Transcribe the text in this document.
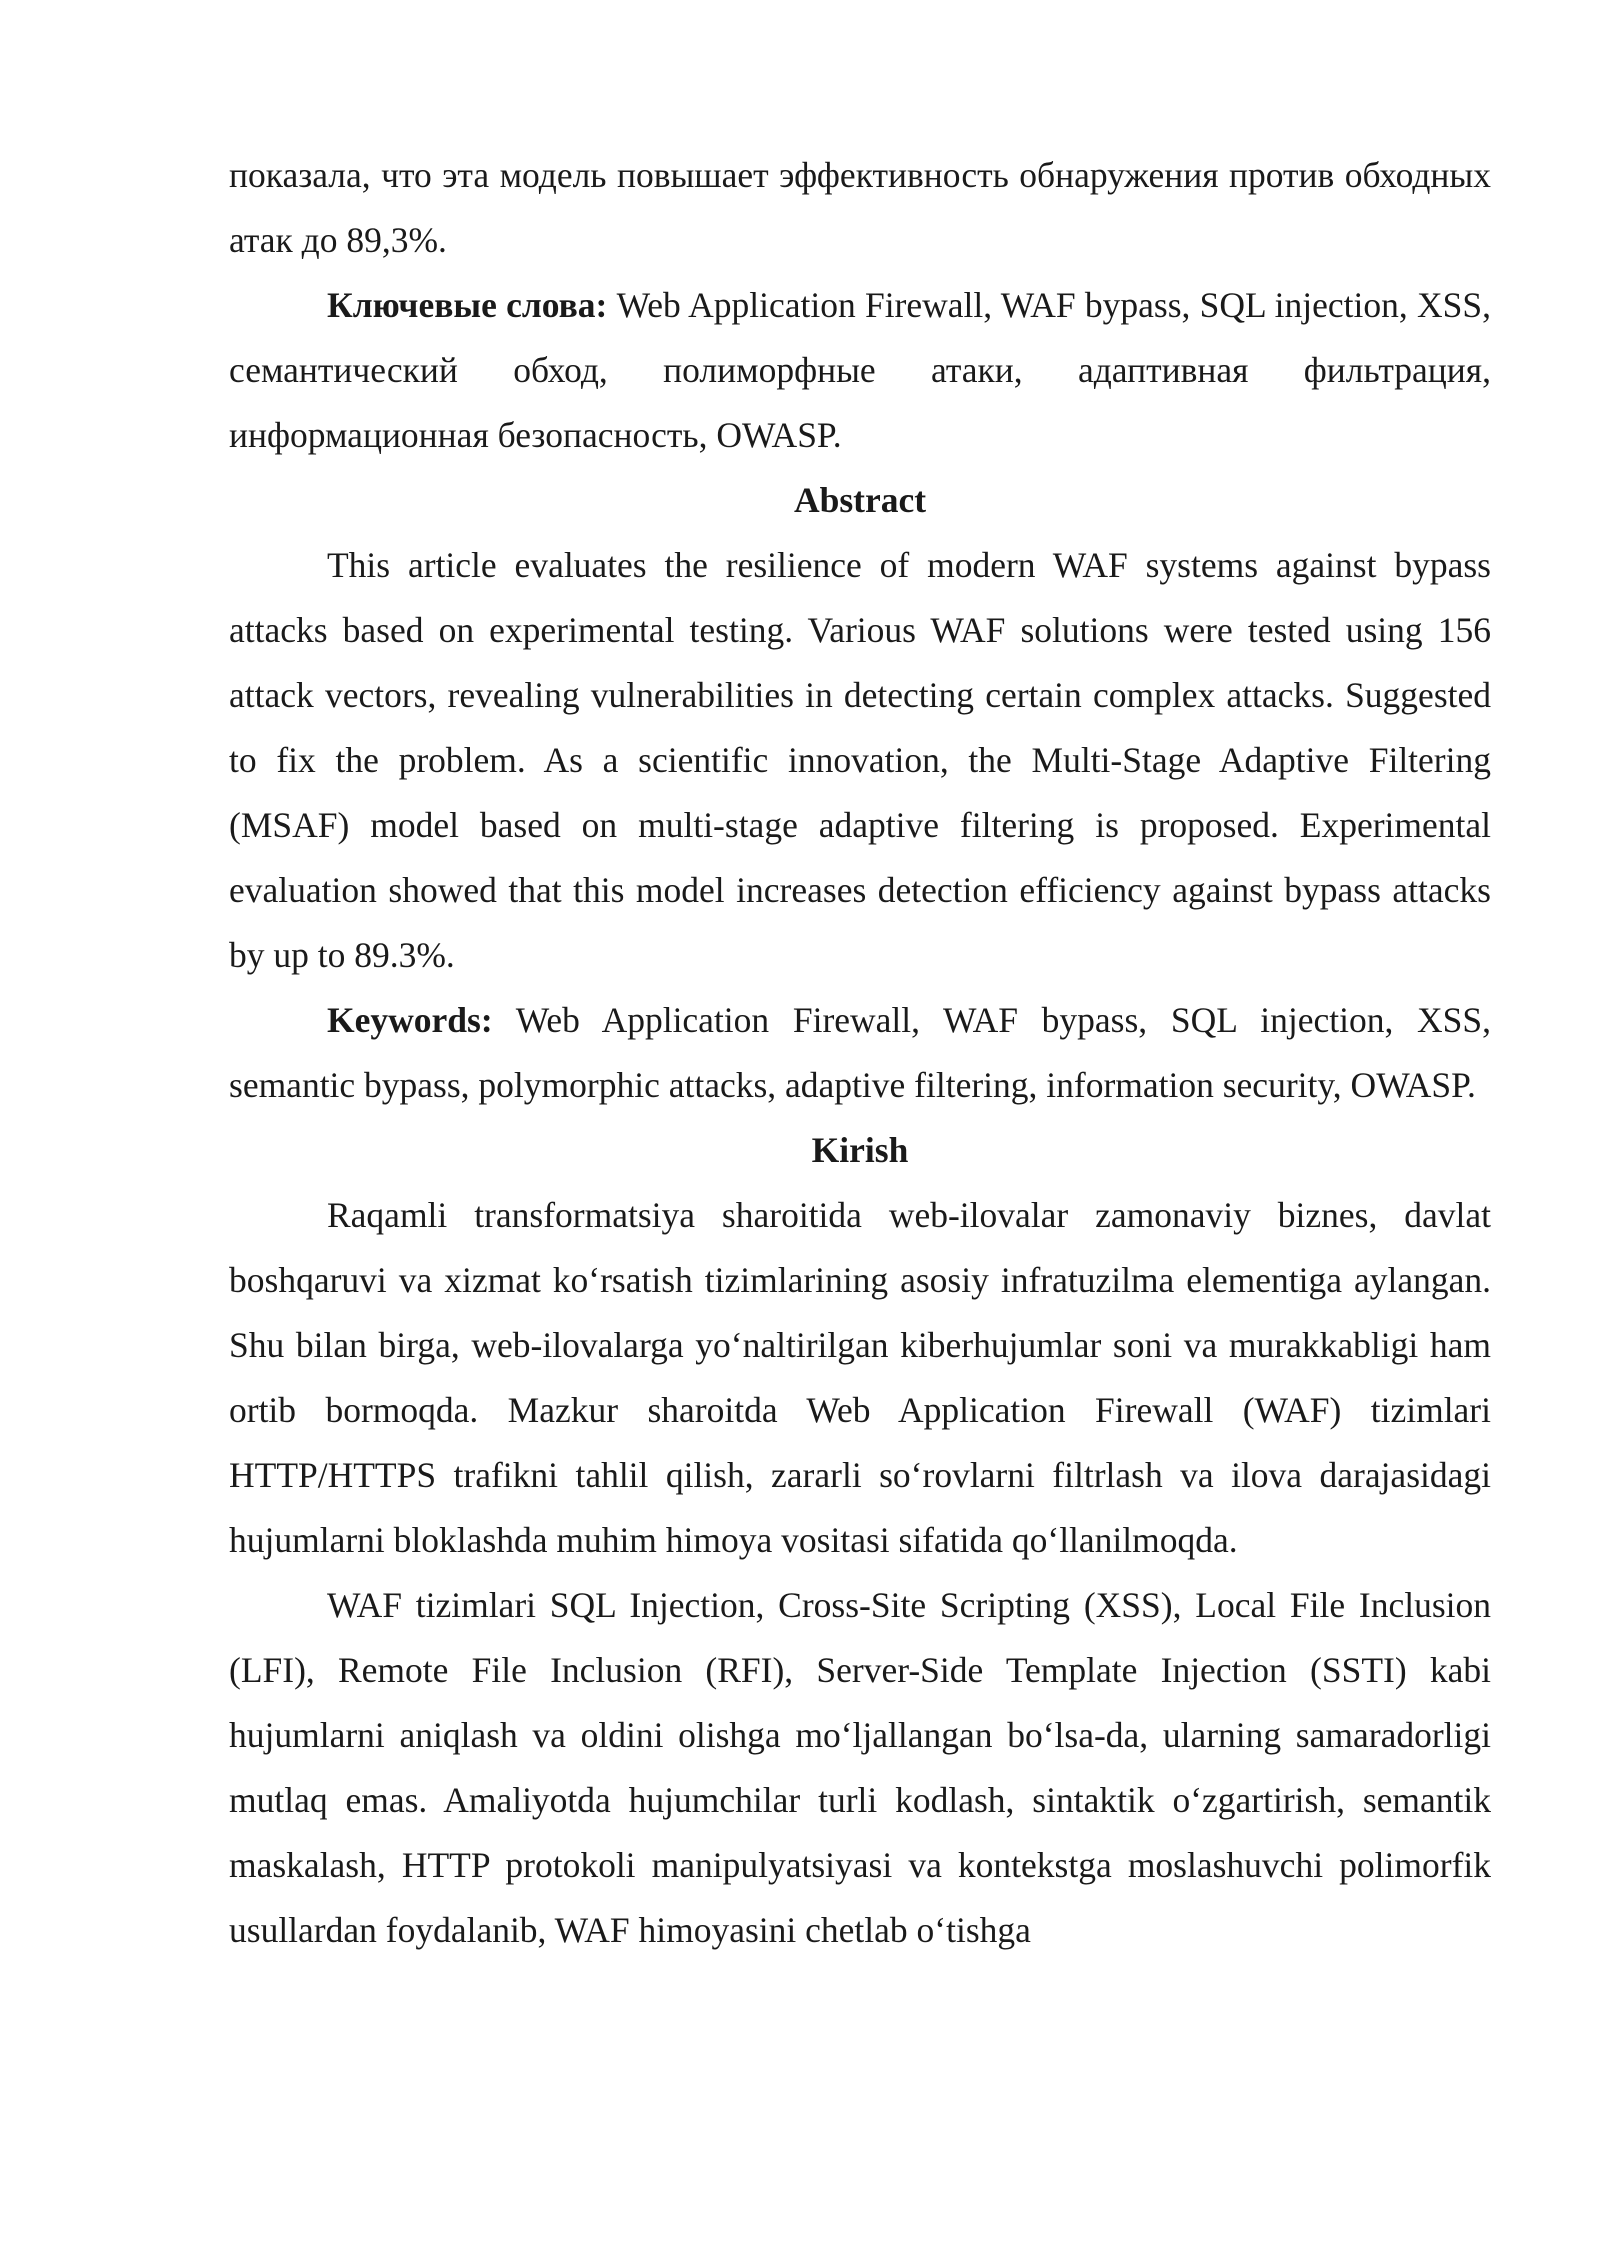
показала, что эта модель повышает эффективность обнаружения против обходных атак до 89,3%.

Ключевые слова: Web Application Firewall, WAF bypass, SQL injection, XSS, семантический обход, полиморфные атаки, адаптивная фильтрация, информационная безопасность, OWASP.

Abstract

This article evaluates the resilience of modern WAF systems against bypass attacks based on experimental testing. Various WAF solutions were tested using 156 attack vectors, revealing vulnerabilities in detecting certain complex attacks. Suggested to fix the problem. As a scientific innovation, the Multi-Stage Adaptive Filtering (MSAF) model based on multi-stage adaptive filtering is proposed. Experimental evaluation showed that this model increases detection efficiency against bypass attacks by up to 89.3%.

Keywords: Web Application Firewall, WAF bypass, SQL injection, XSS, semantic bypass, polymorphic attacks, adaptive filtering, information security, OWASP.

Kirish

Raqamli transformatsiya sharoitida web-ilovalar zamonaviy biznes, davlat boshqaruvi va xizmat ko‘rsatish tizimlarining asosiy infratuzilma elementiga aylangan. Shu bilan birga, web-ilovalarga yo‘naltirilgan kiberhujumlar soni va murakkabligi ham ortib bormoqda. Mazkur sharoitda Web Application Firewall (WAF) tizimlari HTTP/HTTPS trafikni tahlil qilish, zararli so‘rovlarni filtrlash va ilova darajasidagi hujumlarni bloklashda muhim himoya vositasi sifatida qo‘llanilmoqda.

WAF tizimlari SQL Injection, Cross-Site Scripting (XSS), Local File Inclusion (LFI), Remote File Inclusion (RFI), Server-Side Template Injection (SSTI) kabi hujumlarni aniqlash va oldini olishga mo‘ljallangan bo‘lsa-da, ularning samaradorligi mutlaq emas. Amaliyotda hujumchilar turli kodlash, sintaktik o‘zgartirish, semantik maskalash, HTTP protokoli manipulyatsiyasi va kontekstga moslashuvchi polimorfik usullardan foydalanib, WAF himoyasini chetlab o‘tishga
